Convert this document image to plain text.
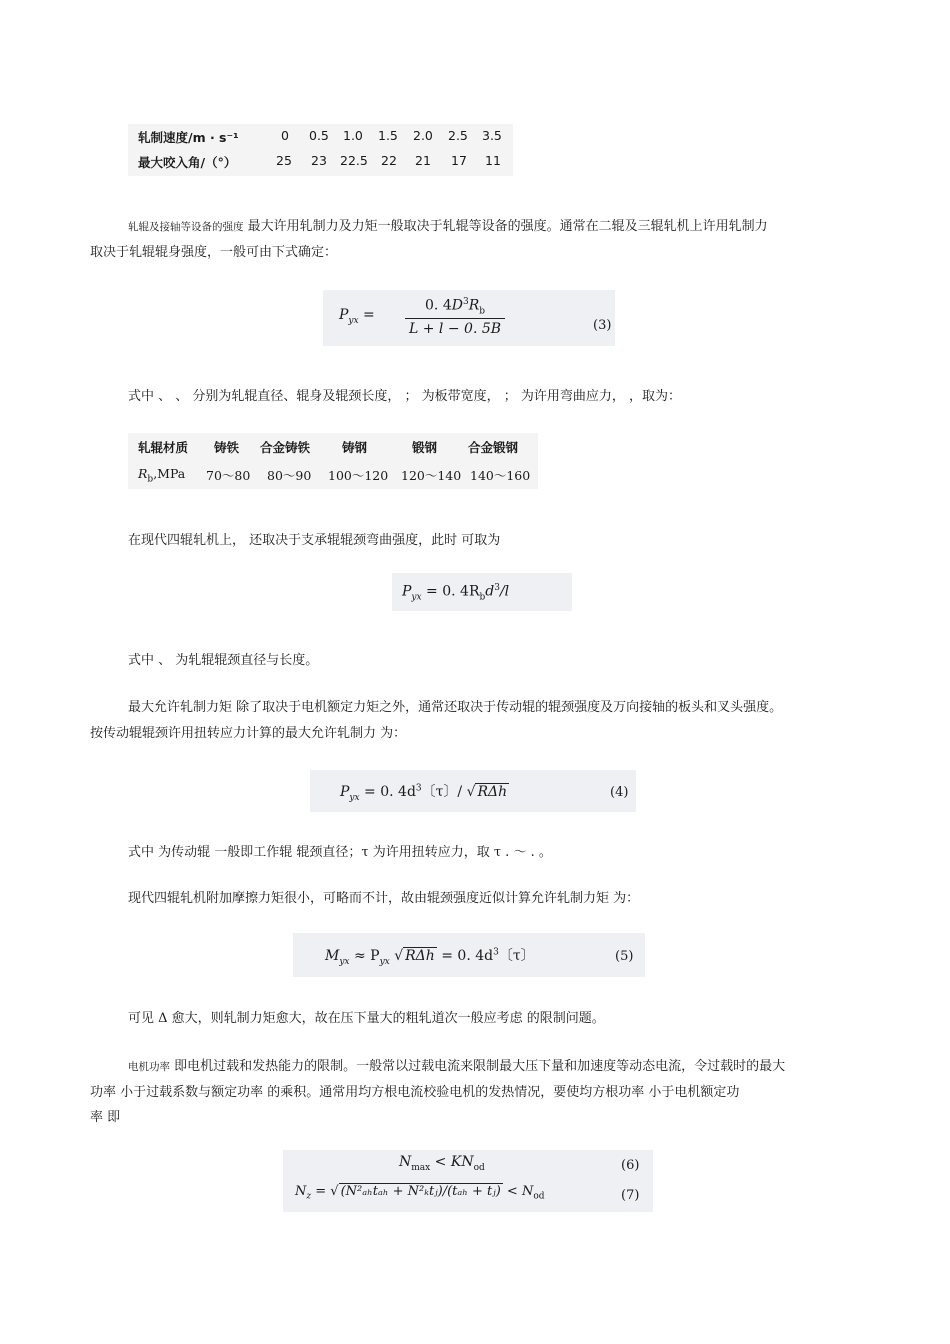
轧制速度/m · s⁻¹	0 0.5 1.0 1.5 2.0 2.5 3.5
最大咬入角/（°）	25 23 22.5 22 21 17 11
轧辊及接轴等设备的强度 最大许用轧制力及力矩一般取决于轧辊等设备的强度。通常在二辊及三辊轧机上许用轧制力
取决于轧辊辊身强度，一般可由下式确定：
$P_{yx} = \frac{0. 4D^3R_b}{L + l - 0. 5B}$	(3)
式中 、 、 分别为轧辊直径、辊身及辊颈长度， ； 为板带宽度， ； 为许用弯曲应力， ，取为：
轧辊材质 铸铁 合金铸铁	铸钢	锻钢 合金锻钢
$R_b,MPa$ 70～80 80～90 100～120 120～140 140～160
在现代四辊轧机上， 还取决于支承辊辊颈弯曲强度，此时 可取为
$P_{yx} = 0$. $4R_bd^3/l$
式中 、 为轧辊辊颈直径与长度。
最大允许轧制力矩 除了取决于电机额定力矩之外，通常还取决于传动辊的辊颈强度及万向接轴的板头和叉头强度。
按传动辊辊颈许用扭转应力计算的最大允许轧制力 为：
$P_{yx} = 0$. $4d^3$〔τ〕/ √ RΔh	(4)
式中 为传动辊 一般即工作辊 辊颈直径；τ 为许用扭转应力，取 τ . ～ . 。
现代四辊轧机附加摩擦力矩很小，可略而不计，故由辊颈强度近似计算允许轧制力矩 为：
$M_{yx} \approx P_{yx}$ √ RΔh = 0. $4d^3$〔τ〕	(5)
可见 Δ 愈大，则轧制力矩愈大，故在压下量大的粗轧道次一般应考虑 的限制问题。
电机功率 即电机过载和发热能力的限制。一般常以过载电流来限制最大压下量和加速度等动态电流，令过载时的最大
功率 小于过载系数与额定功率 的乘积。通常用均方根电流校验电机的发热情况，要使均方根功率 小于电机额定功
率 即
$N_{max} < KN_{od}$	(6)
$N_z$ = √ (N²ₐₕtₐₕ + N²ₖtⱼ)/(tₐₕ + tⱼ) < $N_{od}$	(7)
